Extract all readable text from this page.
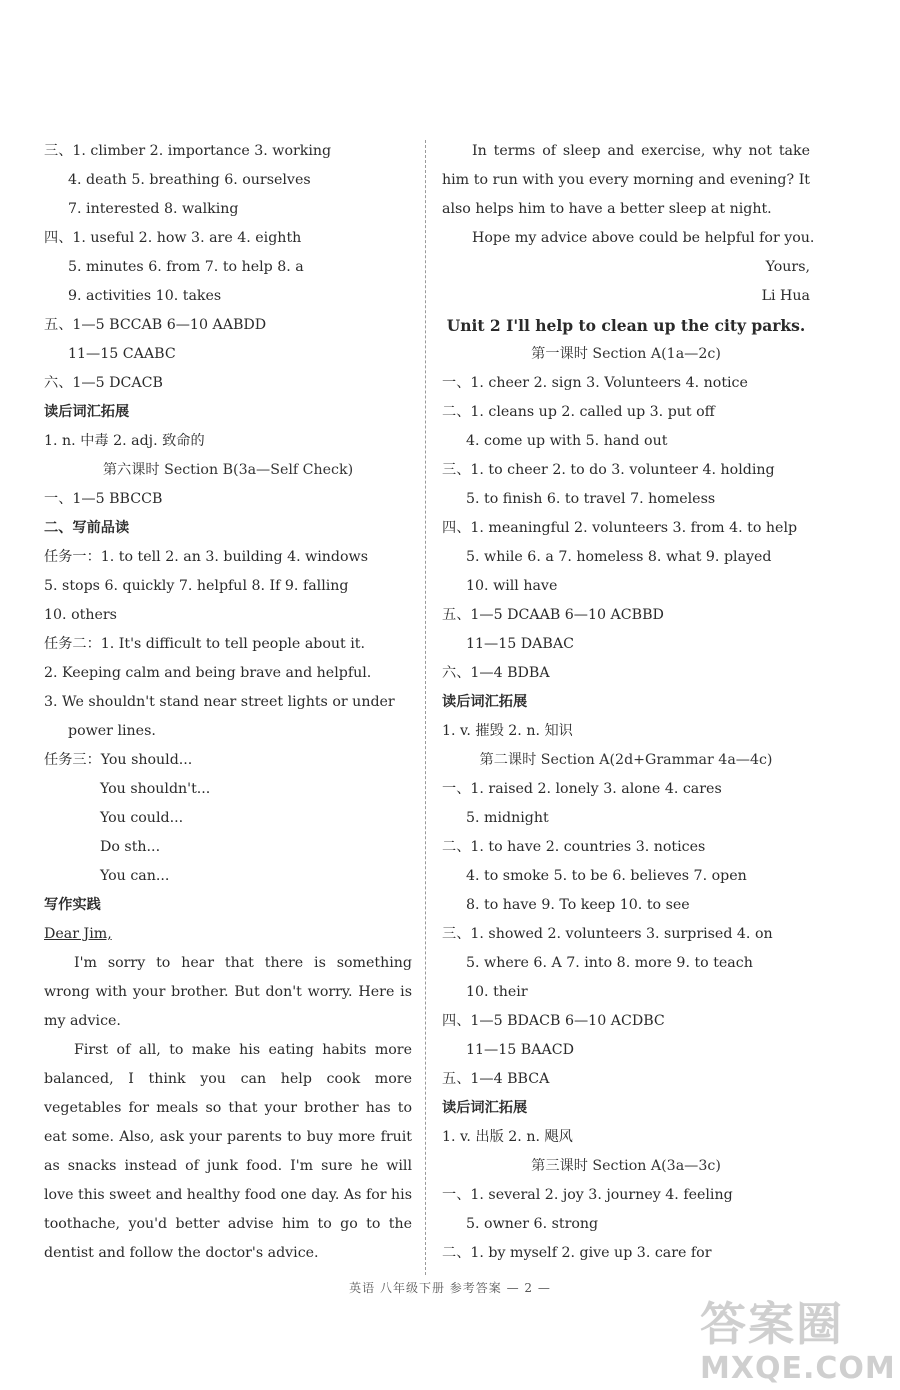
三、1. climber 2. importance 3. working
4. death 5. breathing 6. ourselves
7. interested 8. walking
四、1. useful 2. how 3. are 4. eighth
5. minutes 6. from 7. to help 8. a
9. activities 10. takes
五、1—5 BCCAB 6—10 AABDD
11—15 CAABC
六、1—5 DCACB
读后词汇拓展
1. n. 中毒 2. adj. 致命的
第六课时 Section B(3a—Self Check)
一、1—5 BBCCB
二、写前品读
任务一：1. to tell 2. an 3. building 4. windows
5. stops 6. quickly 7. helpful 8. If 9. falling
10. others
任务二：1. It's difficult to tell people about it.
2. Keeping calm and being brave and helpful.
3. We shouldn't stand near street lights or under
power lines.
任务三：You should...
You shouldn't...
You could...
Do sth...
You can...
写作实践
Dear Jim,
I'm sorry to hear that there is something wrong with your brother. But don't worry. Here is my advice.
First of all, to make his eating habits more balanced, I think you can help cook more vegetables for meals so that your brother has to eat some. Also, ask your parents to buy more fruit as snacks instead of junk food. I'm sure he will love this sweet and healthy food one day. As for his toothache, you'd better advise him to go to the dentist and follow the doctor's advice.
In terms of sleep and exercise, why not take him to run with you every morning and evening? It also helps him to have a better sleep at night.
Hope my advice above could be helpful for you.
Yours,
Li Hua
Unit 2 I'll help to clean up the city parks.
第一课时 Section A(1a—2c)
一、1. cheer 2. sign 3. Volunteers 4. notice
二、1. cleans up 2. called up 3. put off
4. come up with 5. hand out
三、1. to cheer 2. to do 3. volunteer 4. holding
5. to finish 6. to travel 7. homeless
四、1. meaningful 2. volunteers 3. from 4. to help
5. while 6. a 7. homeless 8. what 9. played
10. will have
五、1—5 DCAAB 6—10 ACBBD
11—15 DABAC
六、1—4 BDBA
读后词汇拓展
1. v. 摧毁 2. n. 知识
第二课时 Section A(2d+Grammar 4a—4c)
一、1. raised 2. lonely 3. alone 4. cares
5. midnight
二、1. to have 2. countries 3. notices
4. to smoke 5. to be 6. believes 7. open
8. to have 9. To keep 10. to see
三、1. showed 2. volunteers 3. surprised 4. on
5. where 6. A 7. into 8. more 9. to teach
10. their
四、1—5 BDACB 6—10 ACDBC
11—15 BAACD
五、1—4 BBCA
读后词汇拓展
1. v. 出版 2. n. 飓风
第三课时 Section A(3a—3c)
一、1. several 2. joy 3. journey 4. feeling
5. owner 6. strong
二、1. by myself 2. give up 3. care for
英语 八年级下册 参考答案 — 2 —
答案圈
MXQE.COM
